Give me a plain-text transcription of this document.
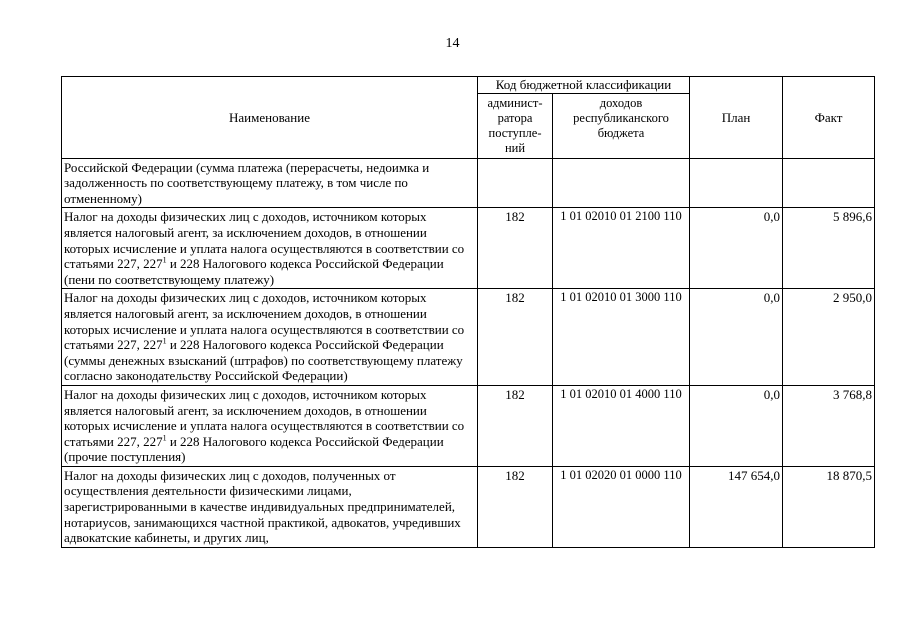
14
Наименование	Код бюджетной классификации		План	Факт
	админист-ратора поступле-ний	доходов республиканского бюджета		
Российской Федерации (сумма платежа (перерасчеты, недоимка и задолженность по соответствующему платежу, в том числе по отмененному)				
Налог на доходы физических лиц с доходов, источником которых является налоговый агент, за исключением доходов, в отношении которых исчисление и уплата налога осуществляются в соответствии со статьями 227, $227^1$ и 228 Налогового кодекса Российской Федерации (пени по соответствующему платежу)	182	1 01 02010 01 2100 110	0,0	5 896,6
Налог на доходы физических лиц с доходов, источником которых является налоговый агент, за исключением доходов, в отношении которых исчисление и уплата налога осуществляются в соответствии со статьями 227, $227^1$ и 228 Налогового кодекса Российской Федерации (суммы денежных взысканий (штрафов) по соответствующему платежу согласно законодательству Российской Федерации)	182	1 01 02010 01 3000 110	0,0	2 950,0
Налог на доходы физических лиц с доходов, источником которых является налоговый агент, за исключением доходов, в отношении которых исчисление и уплата налога осуществляются в соответствии со статьями 227, $227^1$ и 228 Налогового кодекса Российской Федерации (прочие поступления)	182	1 01 02010 01 4000 110	0,0	3 768,8
Налог на доходы физических лиц с доходов, полученных от осуществления деятельности физическими лицами, зарегистрированными в качестве индивидуальных предпринимателей, нотариусов, занимающихся частной практикой, адвокатов, учредивших адвокатские кабинеты, и других лиц,	182	1 01 02020 01 0000 110	147 654,0	18 870,5
